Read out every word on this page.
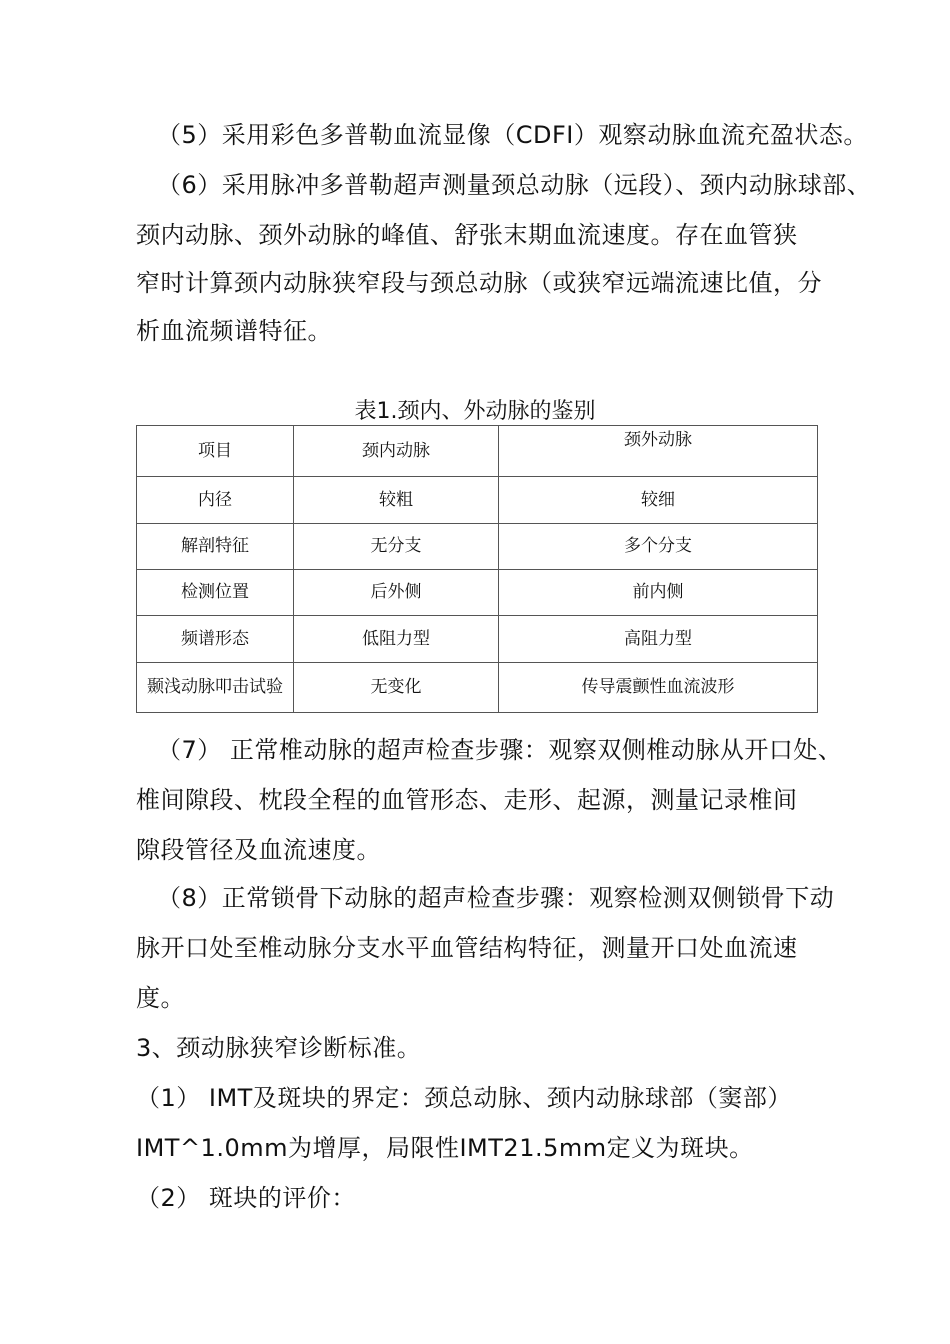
（5）采用彩色多普勒血流显像（CDFI）观察动脉血流充盈状态。
（6）采用脉冲多普勒超声测量颈总动脉（远段）、颈内动脉球部、
颈内动脉、颈外动脉的峰值、舒张末期血流速度。存在血管狭
窄时计算颈内动脉狭窄段与颈总动脉（或狭窄远端流速比值，分
析血流频谱特征。
表1.颈内、外动脉的鉴别
项目	颈内动脉	颈外动脉
内径	较粗	较细
解剖特征	无分支	多个分支
检测位置	后外侧	前内侧
频谱形态	低阻力型	高阻力型
颞浅动脉叩击试验	无变化	传导震颤性血流波形
（7） 正常椎动脉的超声检查步骤：观察双侧椎动脉从开口处、
椎间隙段、枕段全程的血管形态、走形、起源，测量记录椎间
隙段管径及血流速度。
（8）正常锁骨下动脉的超声检查步骤：观察检测双侧锁骨下动
脉开口处至椎动脉分支水平血管结构特征，测量开口处血流速
度。
3、颈动脉狭窄诊断标准。
（1） IMT及斑块的界定：颈总动脉、颈内动脉球部（窦部）
IMT^1.0mm为增厚，局限性IMT21.5mm定义为斑块。
（2） 斑块的评价：
